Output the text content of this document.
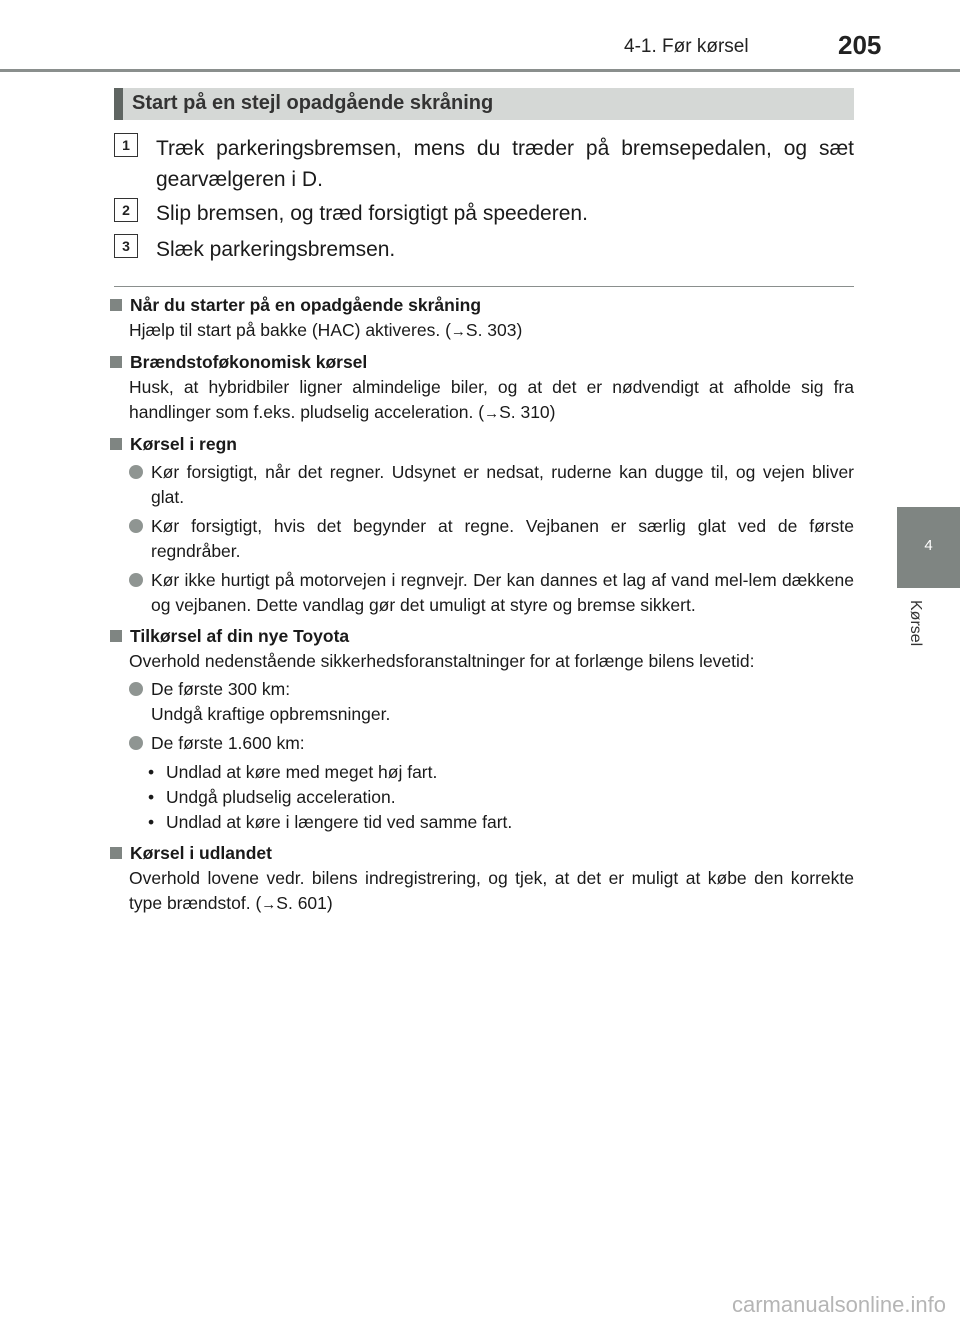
4-1. Før kørsel	205
4
Kørsel
Start på en stejl opadgående skråning
1	Træk parkeringsbremsen, mens du træder på bremsepedalen, og sæt gearvælgeren i D.
2	Slip bremsen, og træd forsigtigt på speederen.
3	Slæk parkeringsbremsen.
Når du starter på en opadgående skråning
Hjælp til start på bakke (HAC) aktiveres. (→S. 303)
Brændstoføkonomisk kørsel
Husk, at hybridbiler ligner almindelige biler, og at det er nødvendigt at afholde sig fra handlinger som f.eks. pludselig acceleration. (→S. 310)
Kørsel i regn
Kør forsigtigt, når det regner. Udsynet er nedsat, ruderne kan dugge til, og vejen bliver glat.
Kør forsigtigt, hvis det begynder at regne. Vejbanen er særlig glat ved de første regndråber.
Kør ikke hurtigt på motorvejen i regnvejr. Der kan dannes et lag af vand mel-lem dækkene og vejbanen. Dette vandlag gør det umuligt at styre og bremse sikkert.
Tilkørsel af din nye Toyota
Overhold nedenstående sikkerhedsforanstaltninger for at forlænge bilens levetid:
De første 300 km:
Undgå kraftige opbremsninger.
De første 1.600 km:
• Undlad at køre med meget høj fart.
• Undgå pludselig acceleration.
• Undlad at køre i længere tid ved samme fart.
Kørsel i udlandet
Overhold lovene vedr. bilens indregistrering, og tjek, at det er muligt at købe den korrekte type brændstof. (→S. 601)
carmanualsonline.info
